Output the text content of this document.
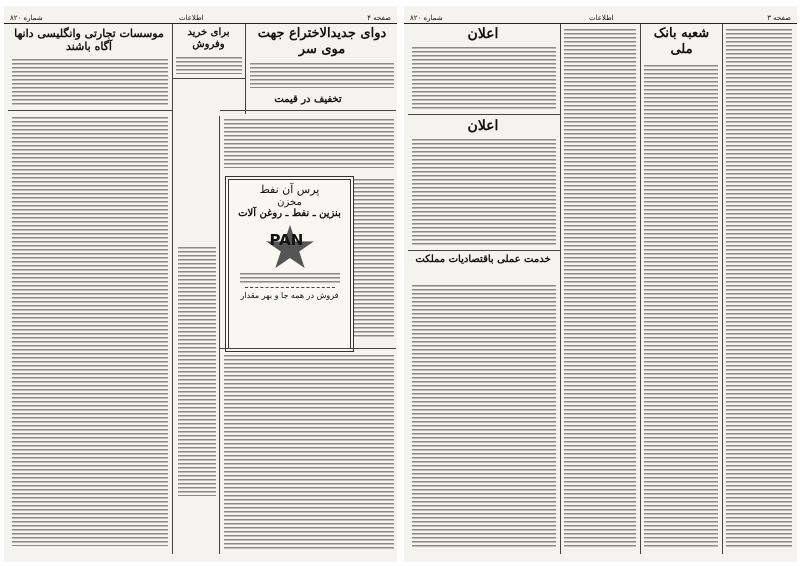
شماره ۸۲۰	اطلاعات	صفحه ۴
موسسات تجارتی وانگلیسی دانها آگاه باشند
برای خرید وفروش
دوای جدیدالاختراع جهت موی سر
تخفیف در قیمت
پرس آن نفط
مخزن
بنزین ـ نفط ـ روغن آلات
PAN
فروش در همه جا و بهر مقدار
شماره ۸۲۰	اطلاعات	صفحه ۳
اعلان
اعلان
خدمت عملی باقتصادیات مملکت
شعبه بانک ملی
